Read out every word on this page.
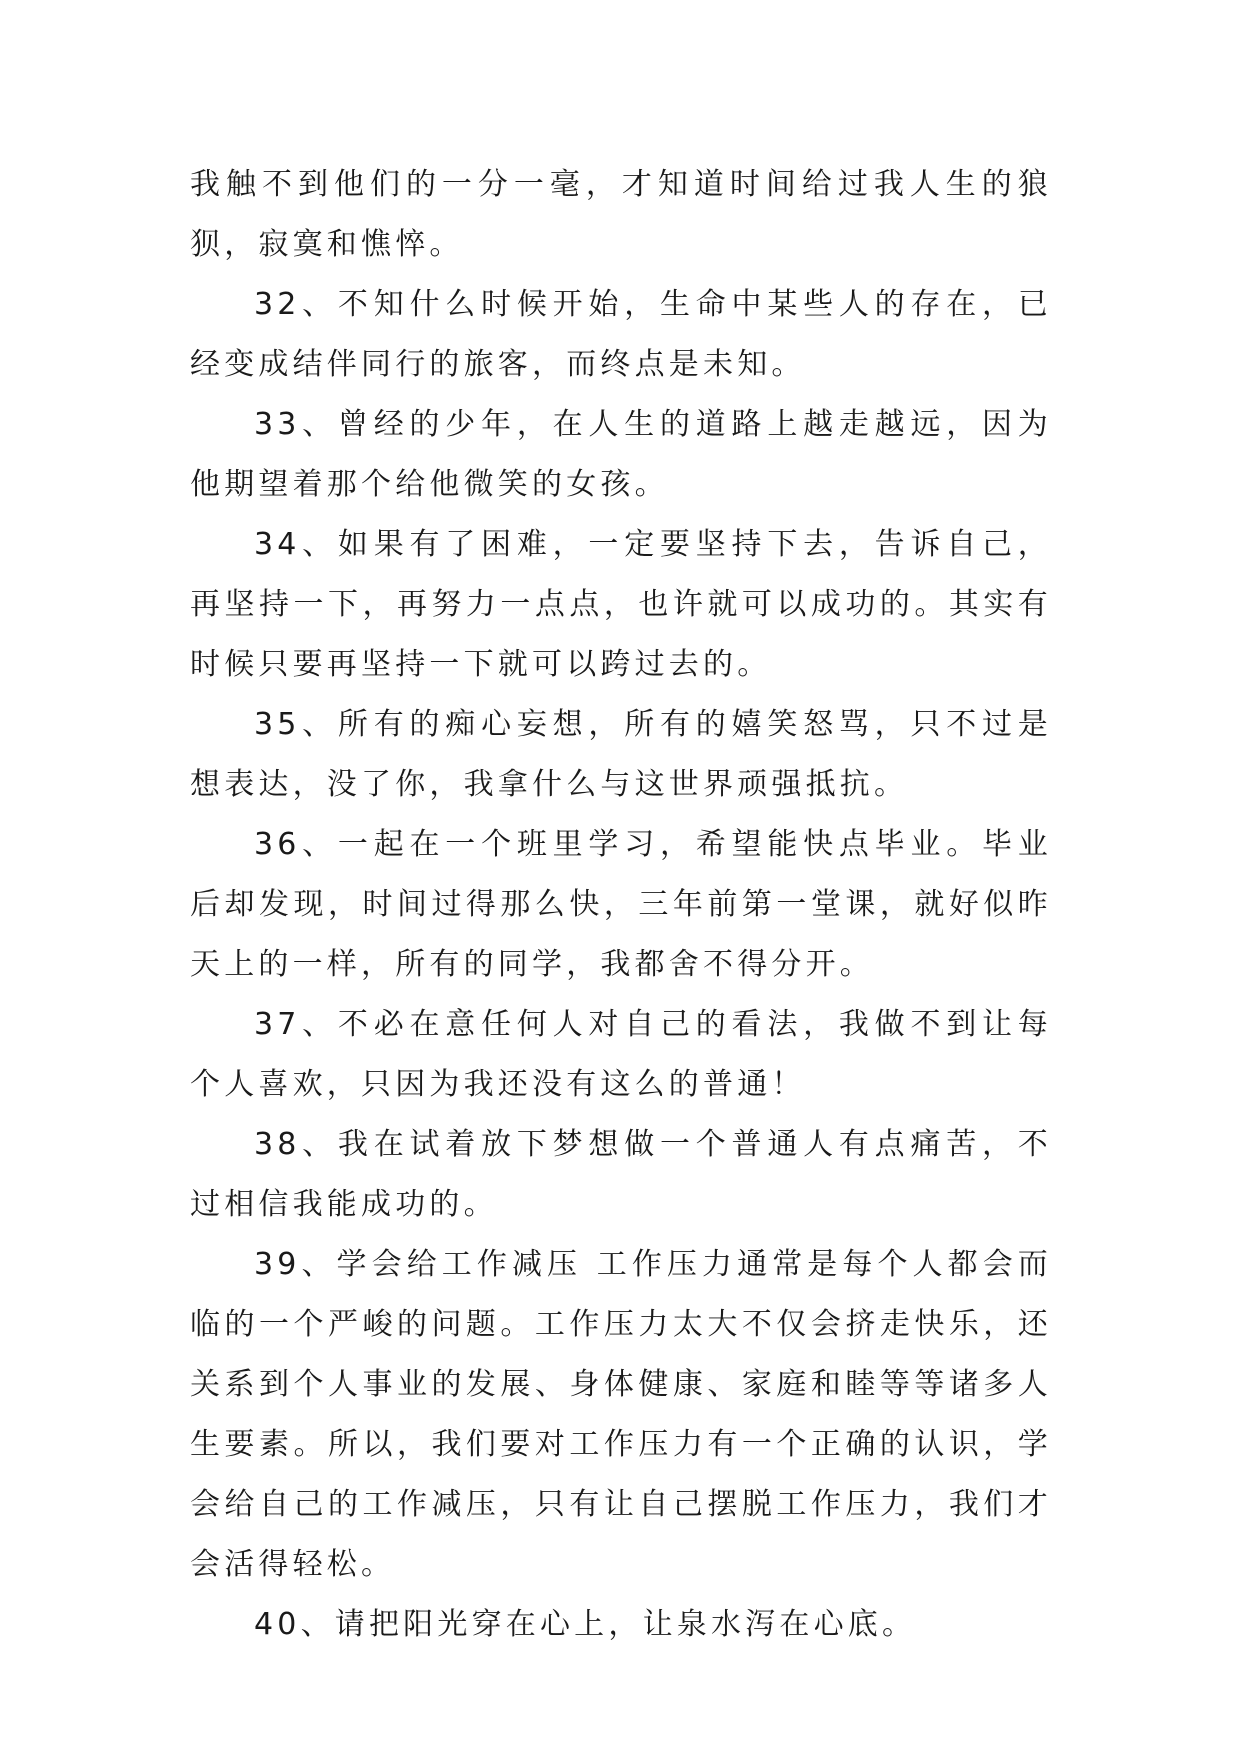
我触不到他们的一分一毫，才知道时间给过我人生的狼狈，寂寞和憔悴。

32、不知什么时候开始，生命中某些人的存在，已经变成结伴同行的旅客，而终点是未知。

33、曾经的少年，在人生的道路上越走越远，因为他期望着那个给他微笑的女孩。

34、如果有了困难，一定要坚持下去，告诉自己，再坚持一下，再努力一点点，也许就可以成功的。其实有时候只要再坚持一下就可以跨过去的。

35、所有的痴心妄想，所有的嬉笑怒骂，只不过是想表达，没了你，我拿什么与这世界顽强抵抗。

36、一起在一个班里学习，希望能快点毕业。毕业后却发现，时间过得那么快，三年前第一堂课，就好似昨天上的一样，所有的同学，我都舍不得分开。

37、不必在意任何人对自己的看法，我做不到让每个人喜欢，只因为我还没有这么的普通！

38、我在试着放下梦想做一个普通人有点痛苦，不过相信我能成功的。

39、学会给工作减压 工作压力通常是每个人都会而临的一个严峻的问题。工作压力太大不仅会挤走快乐，还关系到个人事业的发展、身体健康、家庭和睦等等诸多人生要素。所以，我们要对工作压力有一个正确的认识，学会给自己的工作减压，只有让自己摆脱工作压力，我们才会活得轻松。

40、请把阳光穿在心上，让泉水泻在心底。
